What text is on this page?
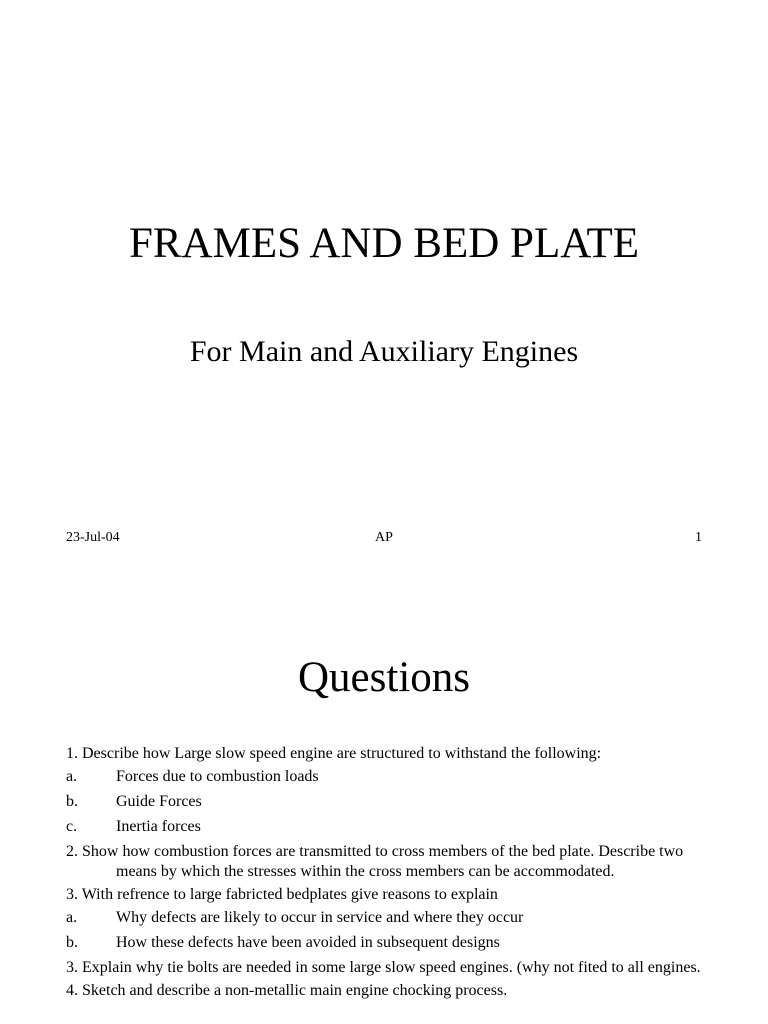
FRAMES AND BED PLATE
For Main and Auxiliary Engines
23-Jul-04	AP	1
Questions
1. Describe how Large slow speed engine are structured to withstand the following:
a.	Forces due to combustion loads
b.	Guide Forces
c.	Inertia forces
2. Show how combustion forces are transmitted to cross members of the bed plate. Describe two means by which the stresses within the cross members can be accommodated.
3. With refrence to large fabricted bedplates give reasons to explain
a.	Why defects are likely to occur in service and where they occur
b.	How these defects have been avoided in subsequent designs
3. Explain why tie bolts are needed in some large slow speed engines. (why not fited to all engines.
4. Sketch and describe a non-metallic main engine chocking process.
